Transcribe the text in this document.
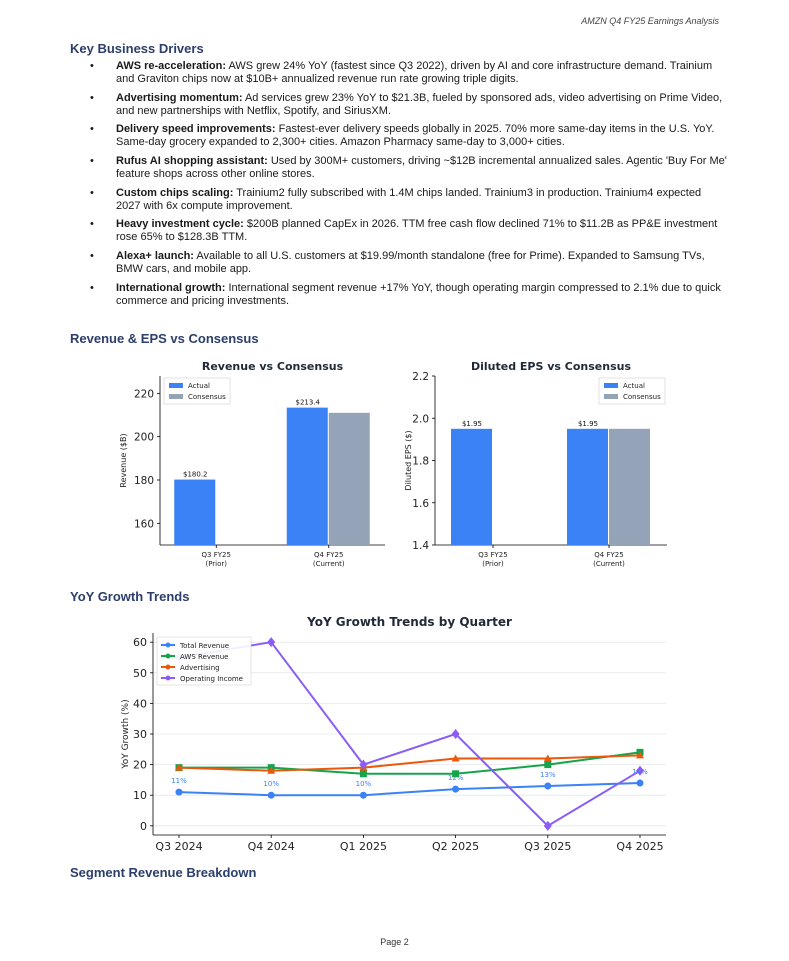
AMZN Q4 FY25 Earnings Analysis
Key Business Drivers
• AWS re-acceleration: AWS grew 24% YoY (fastest since Q3 2022), driven by AI and core infrastructure demand. Trainium and Graviton chips now at $10B+ annualized revenue run rate growing triple digits.
• Advertising momentum: Ad services grew 23% YoY to $21.3B, fueled by sponsored ads, video advertising on Prime Video, and new partnerships with Netflix, Spotify, and SiriusXM.
• Delivery speed improvements: Fastest-ever delivery speeds globally in 2025. 70% more same-day items in the U.S. YoY. Same-day grocery expanded to 2,300+ cities. Amazon Pharmacy same-day to 3,000+ cities.
• Rufus AI shopping assistant: Used by 300M+ customers, driving ~$12B incremental annualized sales. Agentic 'Buy For Me' feature shops across other online stores.
• Custom chips scaling: Trainium2 fully subscribed with 1.4M chips landed. Trainium3 in production. Trainium4 expected 2027 with 6x compute improvement.
• Heavy investment cycle: $200B planned CapEx in 2026. TTM free cash flow declined 71% to $11.2B as PP&E investment rose 65% to $128.3B TTM.
• Alexa+ launch: Available to all U.S. customers at $19.99/month standalone (free for Prime). Expanded to Samsung TVs, BMW cars, and mobile app.
• International growth: International segment revenue +17% YoY, though operating margin compressed to 2.1% due to quick commerce and pricing investments.
Revenue & EPS vs Consensus
Revenue vs Consensus
160
180
200
220
Revenue ($B)
Q3 FY25
(Prior)
$180.2
Q4 FY25
(Current)
$213.4
Actual
Consensus
Diluted EPS vs Consensus
1.4
1.6
1.8
2.0
2.2
Diluted EPS ($)
Q3 FY25
(Prior)
$1.95
Q4 FY25
(Current)
$1.95
Actual
Consensus
YoY Growth Trends
YoY Growth Trends by Quarter
0
10
20
30
40
50
60
YoY Growth (%)
Q3 2024	Q4 2024	Q1 2025	Q2 2025	Q3 2025	Q4 2025
11%	10%	10%
12%	13%	14%
Total Revenue
AWS Revenue
Advertising
Operating Income
Segment Revenue Breakdown
Page 2
